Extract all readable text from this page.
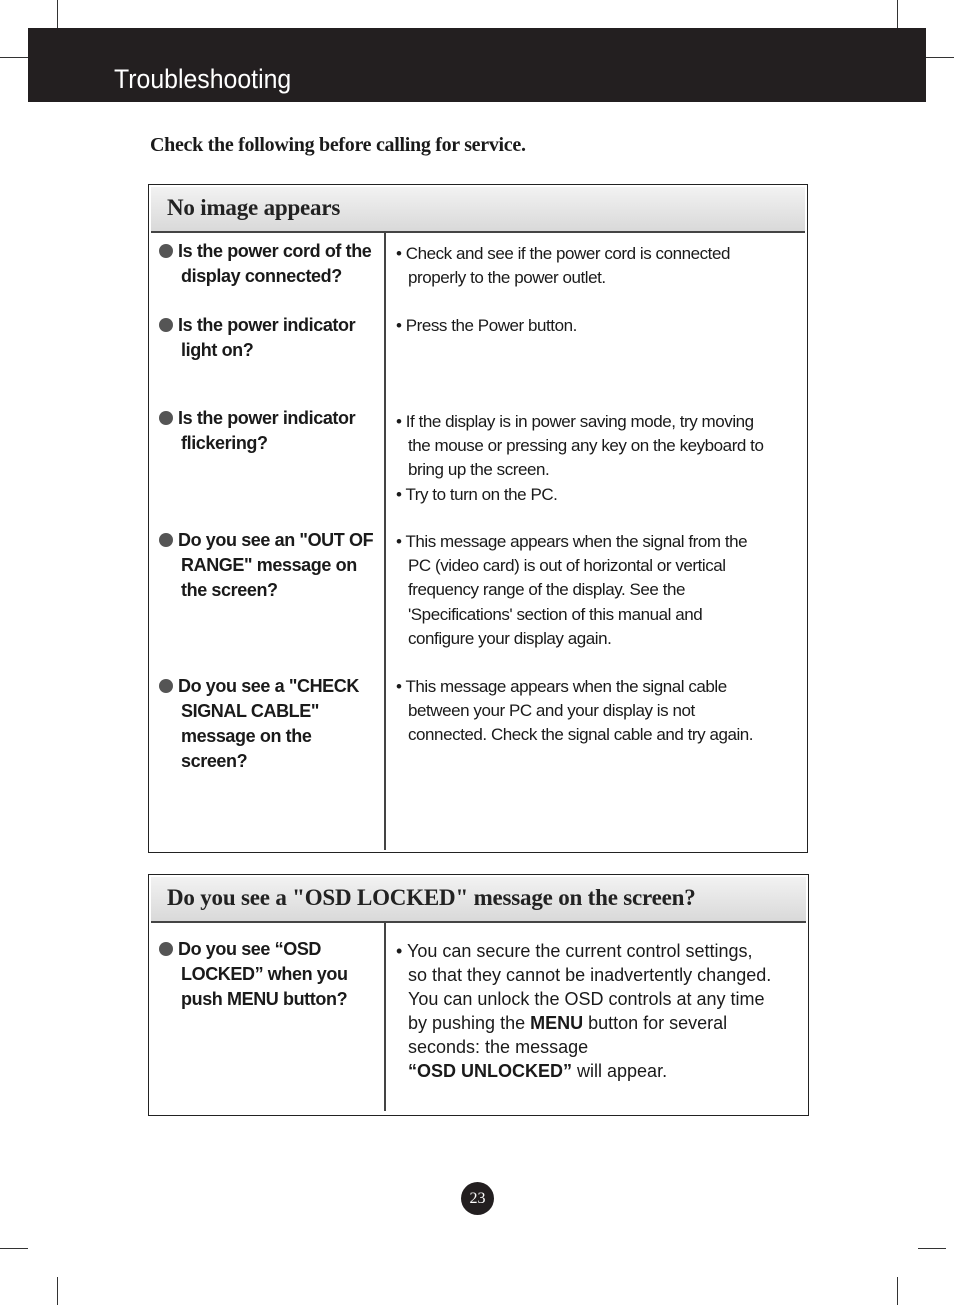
Troubleshooting
Check the following before calling for service.
No image appears
Is the power cord of the
display connected?
• Check and see if the power cord is connected
properly to the power outlet.
Is the power indicator
light on?
• Press the Power button.
Is the power indicator
flickering?
• If the display is in power saving mode, try moving
the mouse or pressing any key on the keyboard to
bring up the screen.
• Try to turn on the PC.
Do you see an "OUT OF
RANGE" message on
the screen?
• This message appears when the signal from the
PC (video card) is out of horizontal or vertical
frequency range of the display. See the
'Specifications' section of this manual and
configure your display again.
Do you see a "CHECK
SIGNAL CABLE"
message on the
screen?
• This message appears when the signal cable
between your PC and your display is not
connected. Check the signal cable and try again.
Do you see a "OSD LOCKED" message on the screen?
Do you see “OSD
LOCKED” when you
push MENU button?
• You can secure the current control settings,
so that they cannot be inadvertently changed.
You can unlock the OSD controls at any time
by pushing the MENU button for several
seconds: the message
“OSD UNLOCKED” will appear.
23
